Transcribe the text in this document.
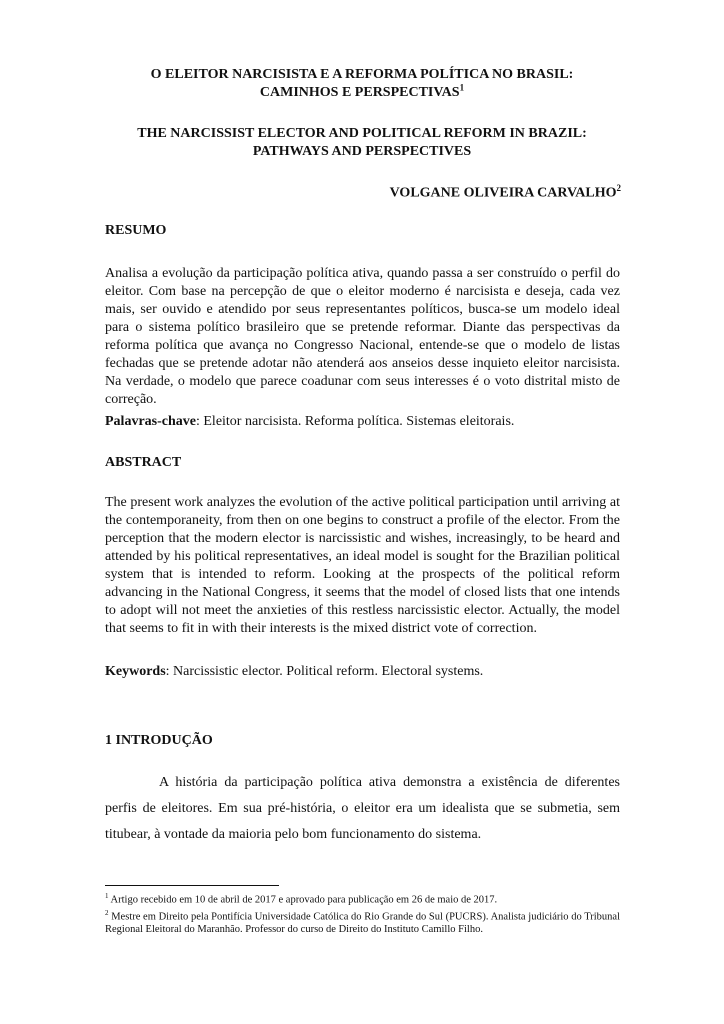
O ELEITOR NARCISISTA E A REFORMA POLÍTICA NO BRASIL:
CAMINHOS E PERSPECTIVAS$^1$
THE NARCISSIST ELECTOR AND POLITICAL REFORM IN BRAZIL:
PATHWAYS AND PERSPECTIVES
VOLGANE OLIVEIRA CARVALHO$^2$
RESUMO

Analisa a evolução da participação política ativa, quando passa a ser construído o perfil do eleitor. Com base na percepção de que o eleitor moderno é narcisista e deseja, cada vez mais, ser ouvido e atendido por seus representantes políticos, busca-se um modelo ideal para o sistema político brasileiro que se pretende reformar. Diante das perspectivas da reforma política que avança no Congresso Nacional, entende-se que o modelo de listas fechadas que se pretende adotar não atenderá aos anseios desse inquieto eleitor narcisista. Na verdade, o modelo que parece coadunar com seus interesses é o voto distrital misto de correção.

Palavras-chave: Eleitor narcisista. Reforma política. Sistemas eleitorais.

ABSTRACT

The present work analyzes the evolution of the active political participation until arriving at the contemporaneity, from then on one begins to construct a profile of the elector. From the perception that the modern elector is narcissistic and wishes, increasingly, to be heard and attended by his political representatives, an ideal model is sought for the Brazilian political system that is intended to reform. Looking at the prospects of the political reform advancing in the National Congress, it seems that the model of closed lists that one intends to adopt will not meet the anxieties of this restless narcissistic elector. Actually, the model that seems to fit in with their interests is the mixed district vote of correction.

Keywords: Narcissistic elector. Political reform. Electoral systems.

1 INTRODUÇÃO

A história da participação política ativa demonstra a existência de diferentes perfis de eleitores. Em sua pré-história, o eleitor era um idealista que se submetia, sem titubear, à vontade da maioria pelo bom funcionamento do sistema.

$^1$ Artigo recebido em 10 de abril de 2017 e aprovado para publicação em 26 de maio de 2017.

$^2$ Mestre em Direito pela Pontifícia Universidade Católica do Rio Grande do Sul (PUCRS). Analista judiciário do Tribunal Regional Eleitoral do Maranhão. Professor do curso de Direito do Instituto Camillo Filho.
